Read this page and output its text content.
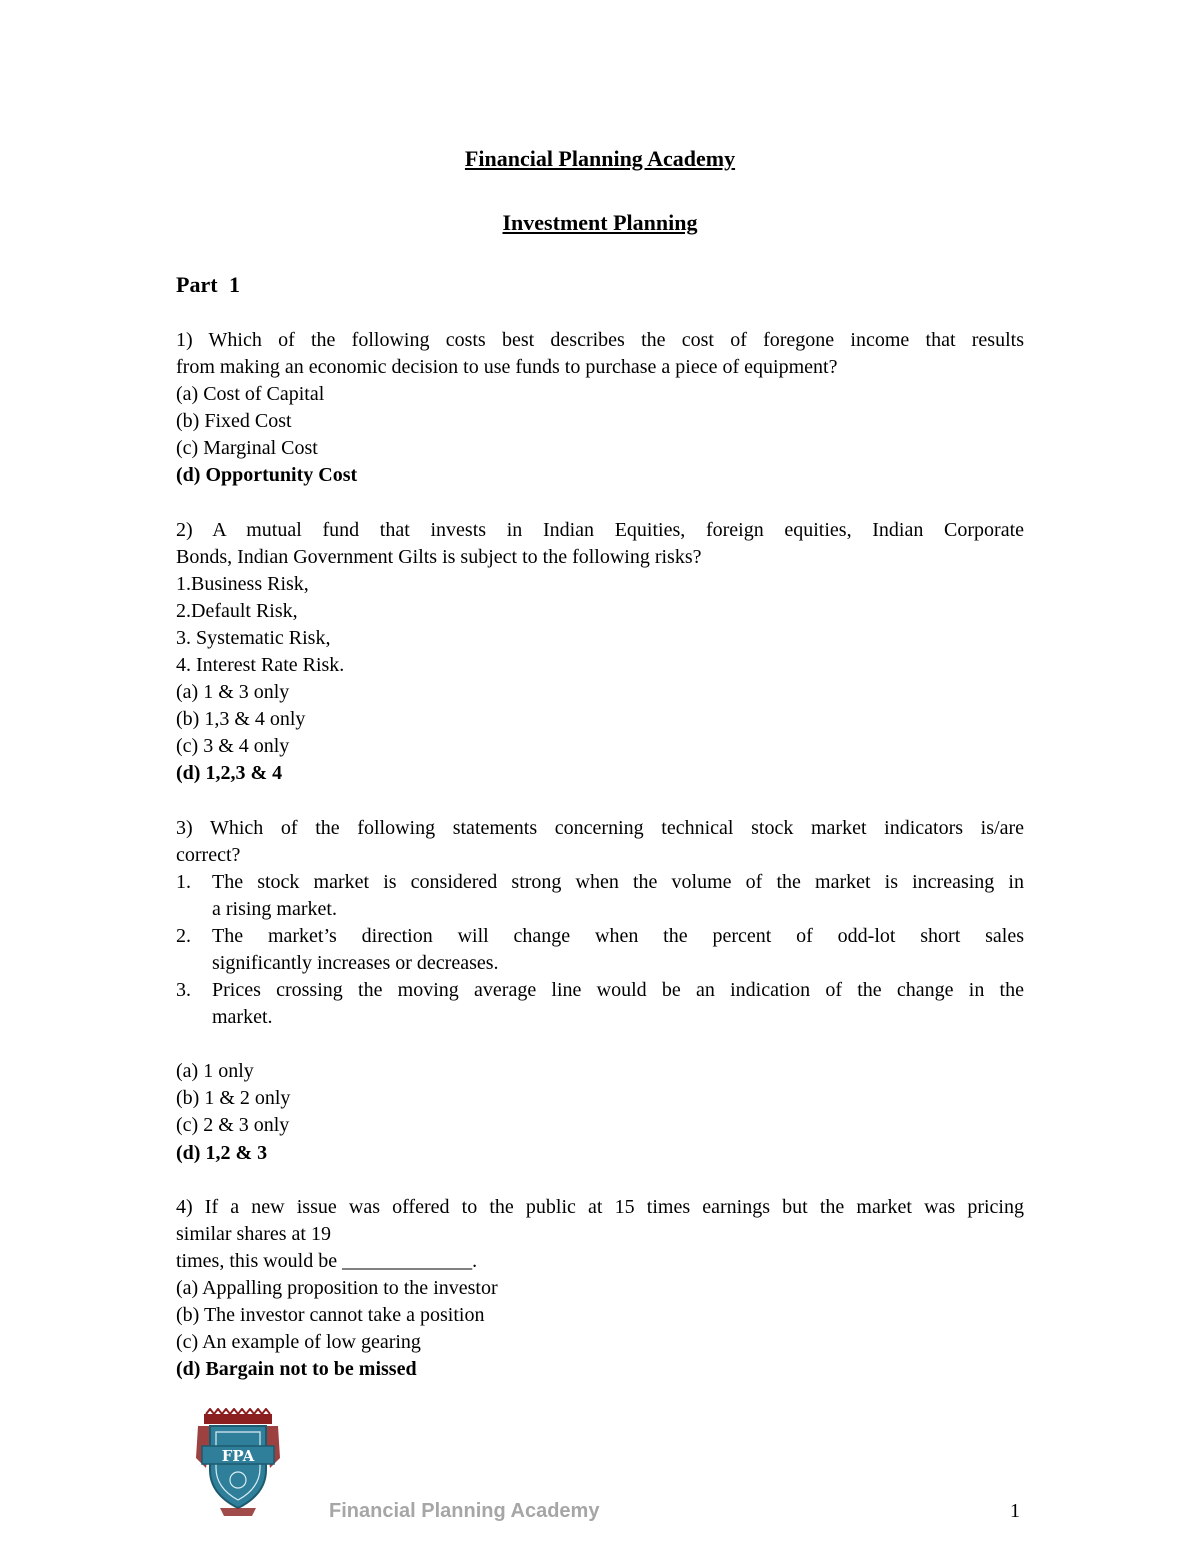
Financial Planning Academy
Investment Planning
Part 1

1) Which of the following costs best describes the cost of foregone income that results

from making an economic decision to use funds to purchase a piece of equipment?

(a) Cost of Capital

(b) Fixed Cost

(c) Marginal Cost

(d) Opportunity Cost

2) A mutual fund that invests in Indian Equities, foreign equities, Indian Corporate

Bonds, Indian Government Gilts is subject to the following risks?

1.Business Risk,

2.Default Risk,

3. Systematic Risk,

4. Interest Rate Risk.

(a) 1 & 3 only

(b) 1,3 & 4 only

(c) 3 & 4 only

(d) 1,2,3 & 4

3) Which of the following statements concerning technical stock market indicators is/are

correct?

1.	The stock market is considered strong when the volume of the market is increasing in
a rising market.
2.	The market’s direction will change when the percent of odd-lot short sales
significantly increases or decreases.
3.	Prices crossing the moving average line would be an indication of the change in the
market.

(a) 1 only

(b) 1 & 2 only

(c) 2 & 3 only

(d) 1,2 & 3

4) If a new issue was offered to the public at 15 times earnings but the market was pricing

similar shares at 19

times, this would be _____________.

(a) Appalling proposition to the investor

(b) The investor cannot take a position

(c) An example of low gearing

(d) Bargain not to be missed

FPA
Financial Planning Academy	1
